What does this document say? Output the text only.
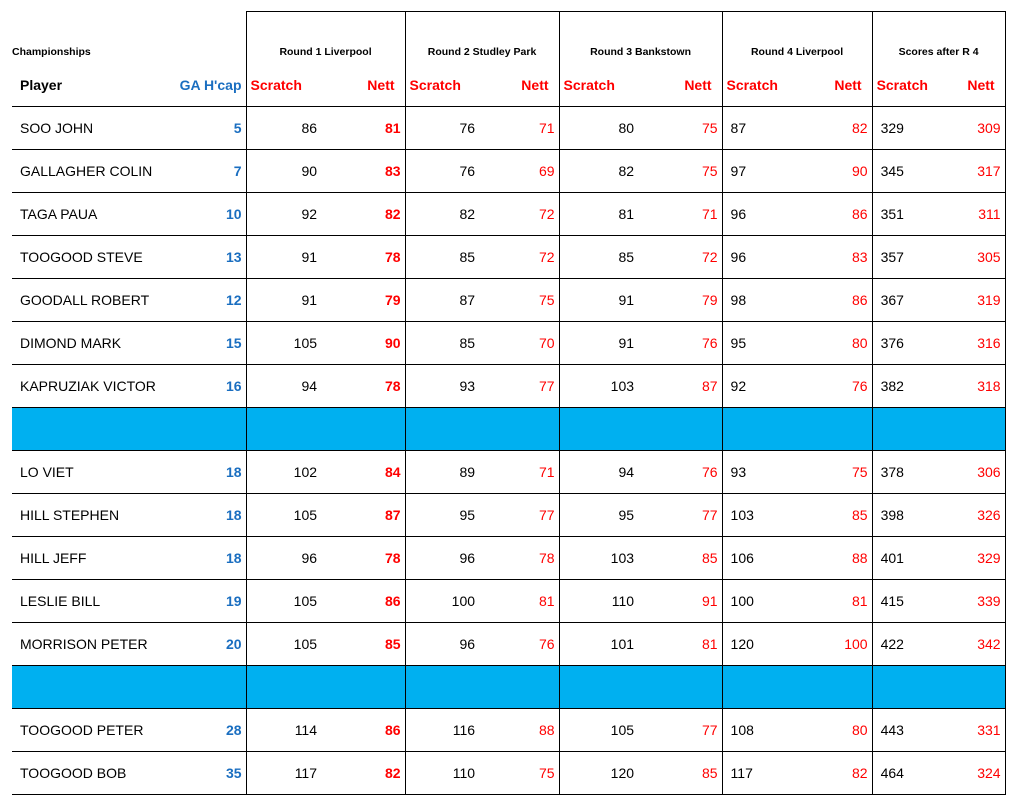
Championships		Round 1 Liverpool		Round 2 Studley Park		Round 3 Bankstown		Round 4 Liverpool		Scores after R 4	
Player	GA H'cap	Scratch	Nett	Scratch	Nett	Scratch	Nett	Scratch	Nett	Scratch	Nett
SOO JOHN	5	86	81	76	71	80	75	87	82	329	309
GALLAGHER COLIN	7	90	83	76	69	82	75	97	90	345	317
TAGA PAUA	10	92	82	82	72	81	71	96	86	351	311
TOOGOOD STEVE	13	91	78	85	72	85	72	96	83	357	305
GOODALL ROBERT	12	91	79	87	75	91	79	98	86	367	319
DIMOND MARK	15	105	90	85	70	91	76	95	80	376	316
KAPRUZIAK VICTOR	16	94	78	93	77	103	87	92	76	382	318

LO VIET	18	102	84	89	71	94	76	93	75	378	306
HILL STEPHEN	18	105	87	95	77	95	77	103	85	398	326
HILL JEFF	18	96	78	96	78	103	85	106	88	401	329
LESLIE BILL	19	105	86	100	81	110	91	100	81	415	339
MORRISON PETER	20	105	85	96	76	101	81	120	100	422	342

TOOGOOD PETER	28	114	86	116	88	105	77	108	80	443	331
TOOGOOD BOB	35	117	82	110	75	120	85	117	82	464	324
